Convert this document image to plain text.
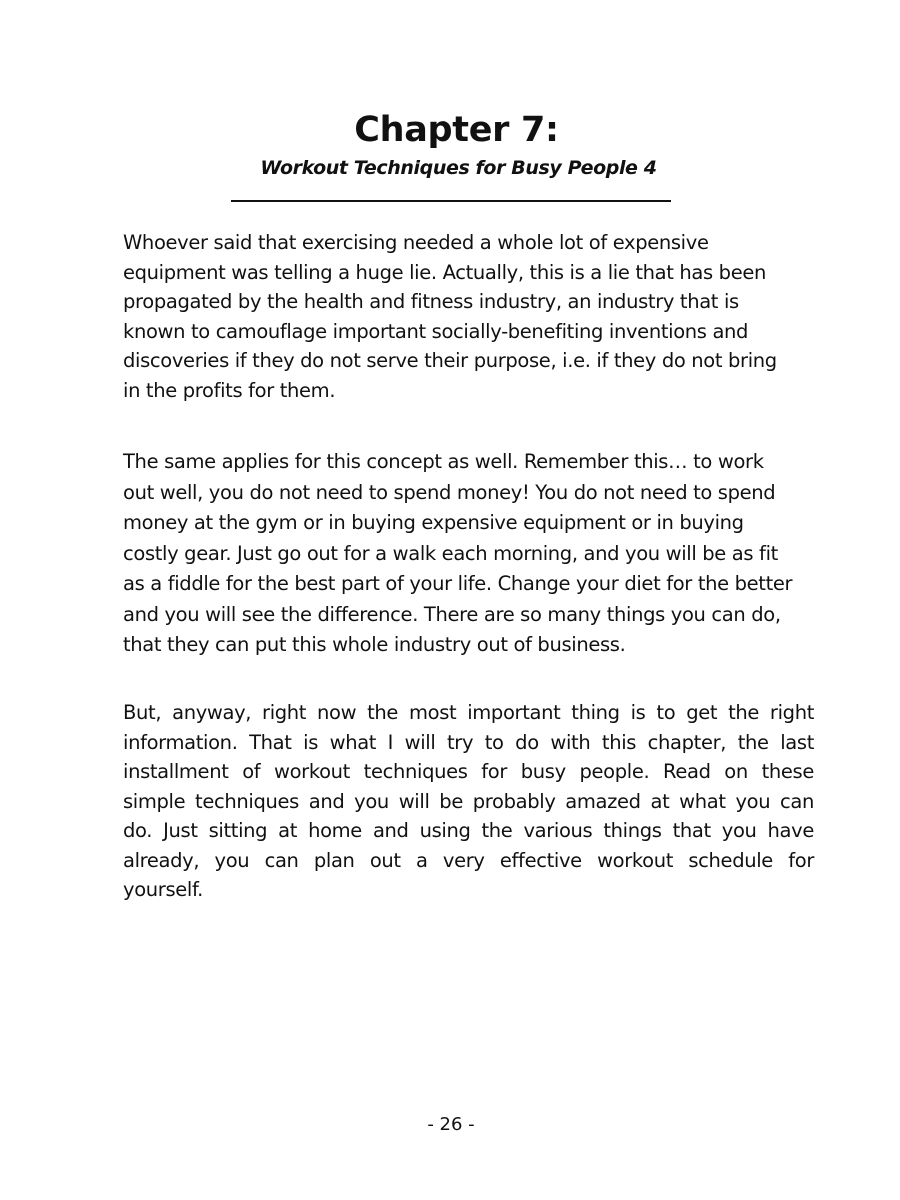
Chapter 7:
Workout Techniques for Busy People 4

Whoever said that exercising needed a whole lot of expensive
equipment was telling a huge lie. Actually, this is a lie that has been
propagated by the health and fitness industry, an industry that is
known to camouflage important socially-benefiting inventions and
discoveries if they do not serve their purpose, i.e. if they do not bring
in the profits for them.

The same applies for this concept as well. Remember this… to work
out well, you do not need to spend money! You do not need to spend
money at the gym or in buying expensive equipment or in buying
costly gear. Just go out for a walk each morning, and you will be as fit
as a fiddle for the best part of your life. Change your diet for the better
and you will see the difference. There are so many things you can do,
that they can put this whole industry out of business.

But, anyway, right now the most important thing is to get the right
information. That is what I will try to do with this chapter, the last
installment of workout techniques for busy people. Read on these
simple techniques and you will be probably amazed at what you can
do. Just sitting at home and using the various things that you have
already, you can plan out a very effective workout schedule for
yourself.

- 26 -
